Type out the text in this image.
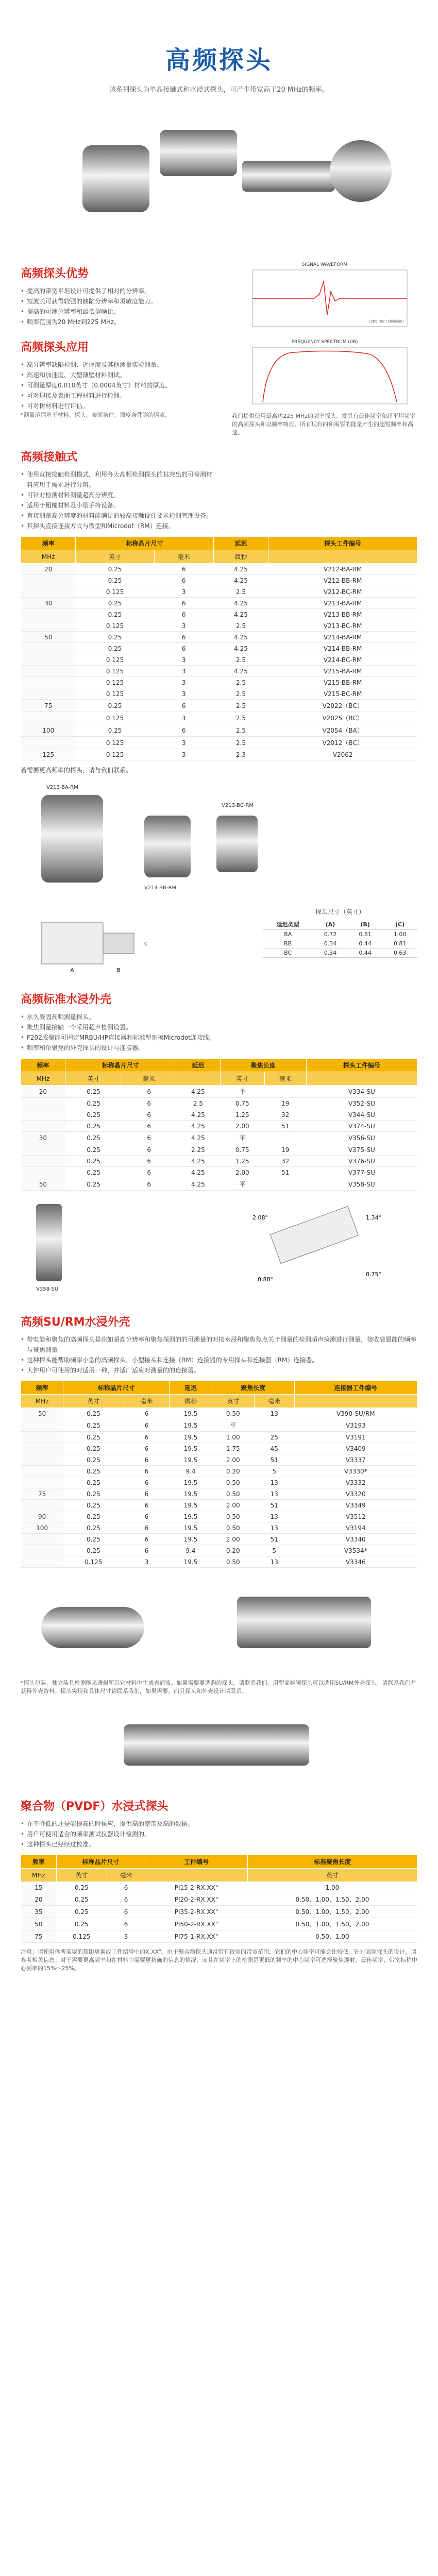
高频探头

该系列探头为单晶接触式和水浸式探头，可产生带宽高于20 MHz的频率。

高频探头优势
• 提高的带宽平坦设计可提供了相对的分辨率。
• 短波长可获得较强的缺陷分辨率和灵敏度能力。
• 提高的可测分辨率和最低信噪比。
• 频率范围为20 MHz到225 MHz。
高频探头应用
• 高分辨率缺陷检测、近厚度及其他测量实验测量。
• 高速和加速度、大型薄壁材料测试。
• 可测量厚度0.010英寸（0.0004英寸）材料的厚度。
• 可对焊接及表面工程材料进行检测。
• 可对树材料进行评估。

*测量范围基于材料、探头、表面条件、温度条件等的因素。

SIGNAL WAVEFORM
(265 mV / Division)

FREQUENCY SPECTRUM (dB)

我们提供使用最高达225 MHz的频率探头、发具有最佳频率和超平坦频率的高频探头和以频率响应。所有现有的和需要的能量产生的超短频率和高速。

高频接触式
• 使用直接接触检测模式，利用各大高频检测探头的其突出的可检测材料应用于需求进行分辨。
• 可针对检测材料测量超高分辨度。
• 适用于粗糙材料及小型手持设备。
• 直接测量高分辨度的材料能满足的较高接触设计要求检测管理设备。
• 其探头直接连接方式与微型和Microdot（RM）连接。
频率	标称晶片尺寸		延迟	探头工件编号
MHz	英寸	毫米	微秒	
20	0.25	6	4.25	V212-BA-RM
	0.25	6	4.25	V212-BB-RM
	0.125	3	2.5	V212-BC-RM
30	0.25	6	4.25	V213-BA-RM
	0.25	6	4.25	V213-BB-RM
	0.125	3	2.5	V213-BC-RM
50	0.25	6	4.25	V214-BA-RM
	0.25	6	4.25	V214-BB-RM
	0.125	3	2.5	V214-BC-RM
	0.125	3	4.25	V215-BA-RM
	0.125	3	2.5	V215-BB-RM
	0.125	3	2.5	V215-BC-RM
75	0.25	6	2.5	V2022（BC）
	0.125	3	2.5	V2025（BC）
100	0.25	6	2.5	V2054（BA）
	0.125	3	2.5	V2012（BC）
125	0.125	3	2.3	V2062

若需要更高频率的探头，请与我们联系。

V213-BA-RM
V213-BC-RM
V214-BB-RM
A	B
C
探头尺寸（英寸）
延迟类型	(A)	(B)	(C)
BA	0.72	0.81	1.00
BB	0.34	0.44	0.81
BC	0.34	0.44	0.63
高频标准水浸外壳
• 水久凝固高频测量探头。
• 聚焦测量接触一个采用超声检测设置。
• F202或聚能可固定MRBU/HP连接器和标准型刻模Microdot连接线。
• 频率和单聚焦的外壳探头的设计与连接器。
频率	标称晶片尺寸		延迟	聚焦长度		探头工件编号
MHz	英寸	毫米		英寸	毫米	
20	0.25	6	4.25	平		V334-SU
	0.25	6	2.5	0.75	19	V352-SU
	0.25	6	4.25	1.25	32	V344-SU
	0.25	6	4.25	2.00	51	V374-SU
30	0.25	6	4.25	平		V356-SU
	0.25	6	2.25	0.75	19	V375-SU
	0.25	6	4.25	1.25	32	V376-SU
	0.25	6	4.25	2.00	51	V377-SU
50	0.25	6	4.25	平		V358-SU
V358-SU
2.08"	1.34"
0.88"
0.75"
高频SU/RM水浸外壳
• 带电能和聚焦的高频探头是由如超高分辨率和聚焦探测的的可测量的对接水浸和聚焦焦点关于测量的检测超声检测进行测量，接收装置能的频率与聚焦测量
• 这种探头能帮助频率小型的高频探头，小型接头和连接（RM）连接器的专用探头和连接器（RM）连接器。
• 大件用户可使用的对适用一种，并适广适应对测量的的连接器。
频率	标称晶片尺寸		延迟	聚焦长度		连接器工件编号
MHz	英寸	毫米	微秒	英寸	毫米	
50	0.25	6	19.5	0.50	13	V390-SU/RM
	0.25	6	19.5	平		V3193
	0.25	6	19.5	1.00	25	V3191
	0.25	6	19.5	1.75	45	V3409
	0.25	6	19.5	2.00	51	V3337
	0.25	6	9.4	0.20	5	V3330*
	0.25	6	19.5	0.50	13	V3332
75	0.25	6	19.5	0.50	13	V3320
	0.25	6	19.5	2.00	51	V3349
90	0.25	6	19.5	0.50	13	V3512
100	0.25	6	19.5	0.50	13	V3194
	0.25	6	19.5	2.00	51	V3340
	0.25	6	9.4	0.20	5	V3534*
	0.125	3	19.5	0.50	13	V3346

*探头包装、独立装具检测能来透射所其它材料中生成表面波。如果需要要选购的探头，请联系我们。用型高检频探头可以选用SU/RM外壳探头。请联系我们并获得外壳资料。探头实现和具体尺寸请联系我们，如果需要，而且探头和外壳设计请联系。

聚合物（PVDF）水浸式探头
• 在不降低的还是能提高的时候应，提供高的宽带及高的数据。
• 用户可使用适合的频率测试仪器设计检测的。
• 这种探头已经经过校准。
频率	标称晶片尺寸		工件编号	标准聚焦长度
MHz	英寸	毫米		英寸
15	0.25	6	PI15-2-RX.XX"	1.00
20	0.25	6	PI20-2-RX.XX"	0.50、1.00、1.50、2.00
35	0.25	6	PI35-2-RX.XX"	0.50、1.00、1.50、2.00
50	0.25	6	PI50-2-RX.XX"	0.50、1.00、1.50、2.00
75	0.125	3	PI75-1-RX.XX"	0.50、1.00

注意：请使用你所需要的焦距更换成工件编号中的X.XX"。由于聚合物探头通常带有很宽的带宽范围，它们的中心频率可能会比较低。针对高频探头的设计，请参考相关信息。对于需要更高频率和在材料中需要更精确的信息的情况，而且在频率上的检测是更低的频率的中心频率可选择聚焦透射，最佳频率，带宽标称中心频率的15%～25%。
